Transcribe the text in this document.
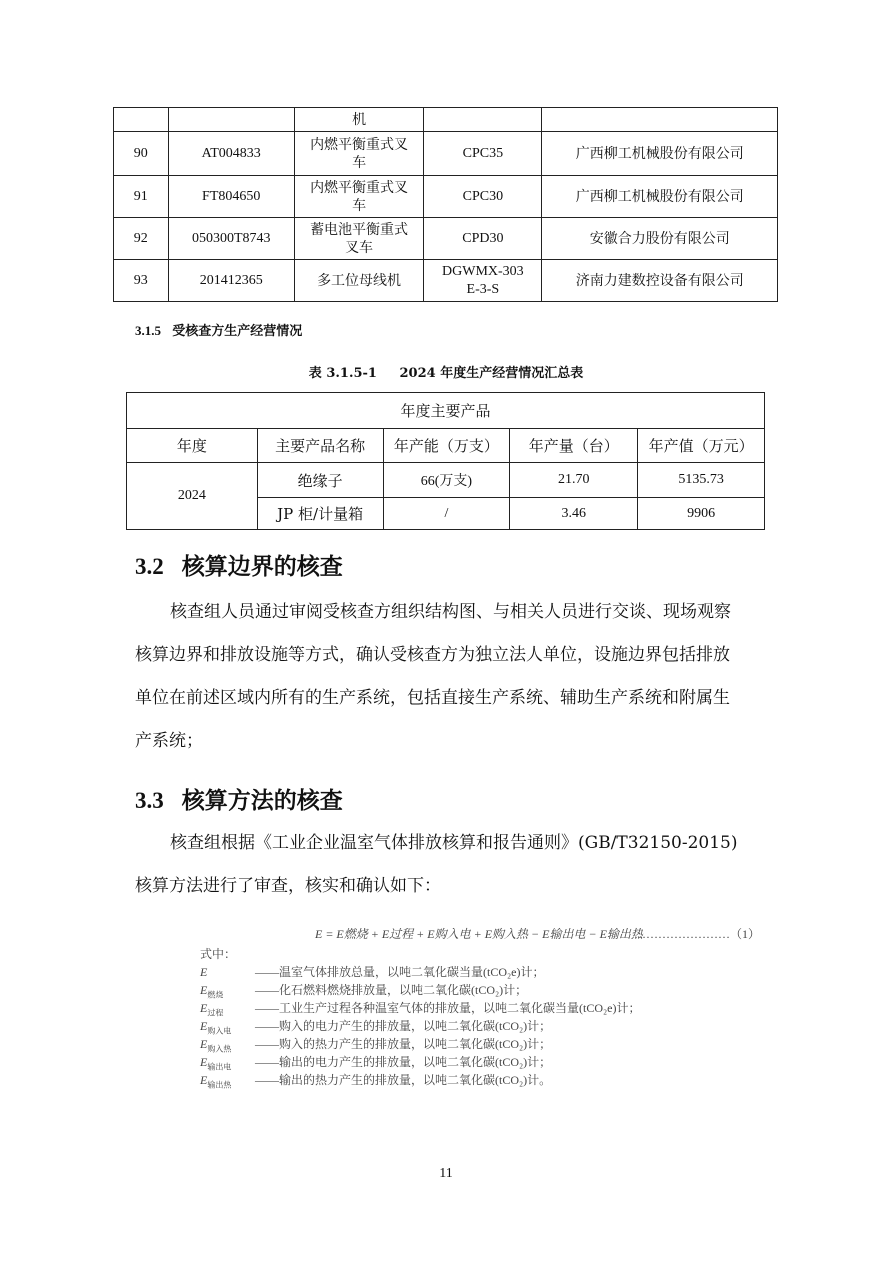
		机		
90	AT004833	内燃平衡重式叉车	CPC35	广西柳工机械股份有限公司
91	FT804650	内燃平衡重式叉车	CPC30	广西柳工机械股份有限公司
92	050300T8743	蓄电池平衡重式叉车	CPD30	安徽合力股份有限公司
93	201412365	多工位母线机	DGWMX-303E-3-S	济南力建数控设备有限公司
3.1.5 受核查方生产经营情况
表 3.1.5-1 2024 年度生产经营情况汇总表
年度主要产品				
年度	主要产品名称	年产能（万支）	年产量（台）	年产值（万元）
2024	绝缘子	66(万支)	21.70	5135.73
	JP 柜/计量箱	/	3.46	9906
3.2 核算边界的核查
核查组人员通过审阅受核查方组织结构图、与相关人员进行交谈、现场观察
核算边界和排放设施等方式，确认受核查方为独立法人单位，设施边界包括排放
单位在前述区域内所有的生产系统，包括直接生产系统、辅助生产系统和附属生
产系统；
3.3 核算方法的核查
核查组根据《工业企业温室气体排放核算和报告通则》(GB/T32150-2015)
核算方法进行了审查，核实和确认如下：
E = E燃烧 + E过程 + E购入电 + E购入热 − E输出电 − E输出热
……………………（1）
式中：
E	——温室气体排放总量，以吨二氧化碳当量(tCO₂e)计；
$E_{燃烧}$	——化石燃料燃烧排放量，以吨二氧化碳(tCO₂)计；
$E_{过程}$	——工业生产过程各种温室气体的排放量，以吨二氧化碳当量(tCO₂e)计；
$E_{购入电}$ ——购入的电力产生的排放量，以吨二氧化碳(tCO₂)计；
$E_{购入热}$ ——购入的热力产生的排放量，以吨二氧化碳(tCO₂)计；
$E_{输出电}$ ——输出的电力产生的排放量，以吨二氧化碳(tCO₂)计；
$E_{输出热}$ ——输出的热力产生的排放量，以吨二氧化碳(tCO₂)计。
11
